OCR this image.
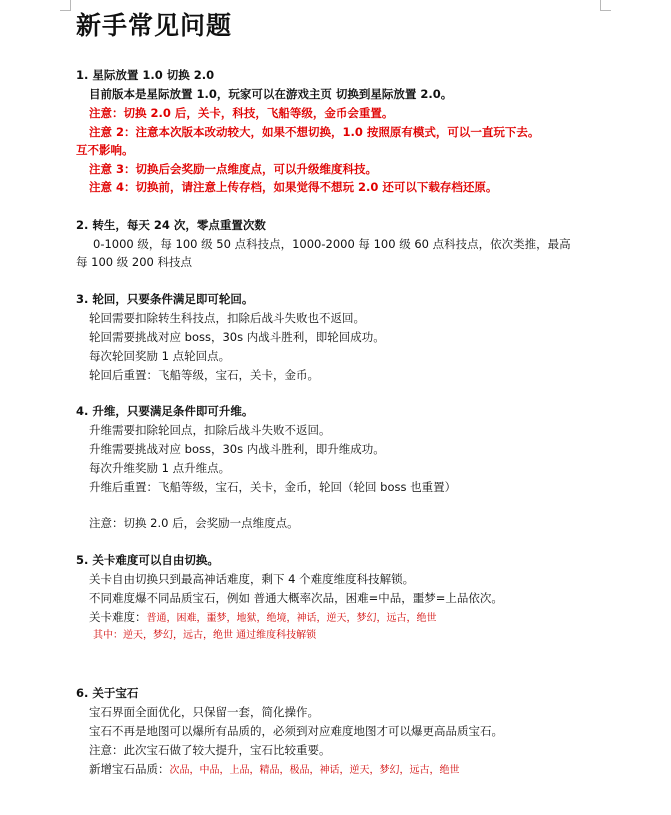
新手常见问题
1. 星际放置 1.0 切换 2.0
目前版本是星际放置 1.0，玩家可以在游戏主页 切换到星际放置 2.0。
注意：切换 2.0 后，关卡，科技，飞船等级，金币会重置。
注意 2：注意本次版本改动较大，如果不想切换，1.0 按照原有模式，可以一直玩下去。
互不影响。
注意 3：切换后会奖励一点维度点，可以升级维度科技。
注意 4：切换前，请注意上传存档，如果觉得不想玩 2.0 还可以下载存档还原。
2. 转生，每天 24 次，零点重置次数
0-1000 级，每 100 级 50 点科技点，1000-2000 每 100 级 60 点科技点，依次类推，最高
每 100 级 200 科技点
3. 轮回，只要条件满足即可轮回。
轮回需要扣除转生科技点，扣除后战斗失败也不返回。
轮回需要挑战对应 boss，30s 内战斗胜利，即轮回成功。
每次轮回奖励 1 点轮回点。
轮回后重置：飞船等级，宝石，关卡，金币。
4. 升维，只要满足条件即可升维。
升维需要扣除轮回点，扣除后战斗失败不返回。
升维需要挑战对应 boss，30s 内战斗胜利，即升维成功。
每次升维奖励 1 点升维点。
升维后重置：飞船等级，宝石，关卡，金币，轮回（轮回 boss 也重置）
注意：切换 2.0 后，会奖励一点维度点。
5. 关卡难度可以自由切换。
关卡自由切换只到最高神话难度，剩下 4 个难度维度科技解锁。
不同难度爆不同品质宝石，例如 普通大概率次品，困难=中品，噩梦=上品依次。
关卡难度：普通，困难，噩梦，地狱，绝境，神话，逆天，梦幻，远古，绝世
其中：逆天，梦幻，远古，绝世 通过维度科技解锁
6. 关于宝石
宝石界面全面优化，只保留一套，简化操作。
宝石不再是地图可以爆所有品质的，必须到对应难度地图才可以爆更高品质宝石。
注意：此次宝石做了较大提升，宝石比较重要。
新增宝石品质：次品，中品，上品，精品，极品，神话，逆天，梦幻，远古，绝世
